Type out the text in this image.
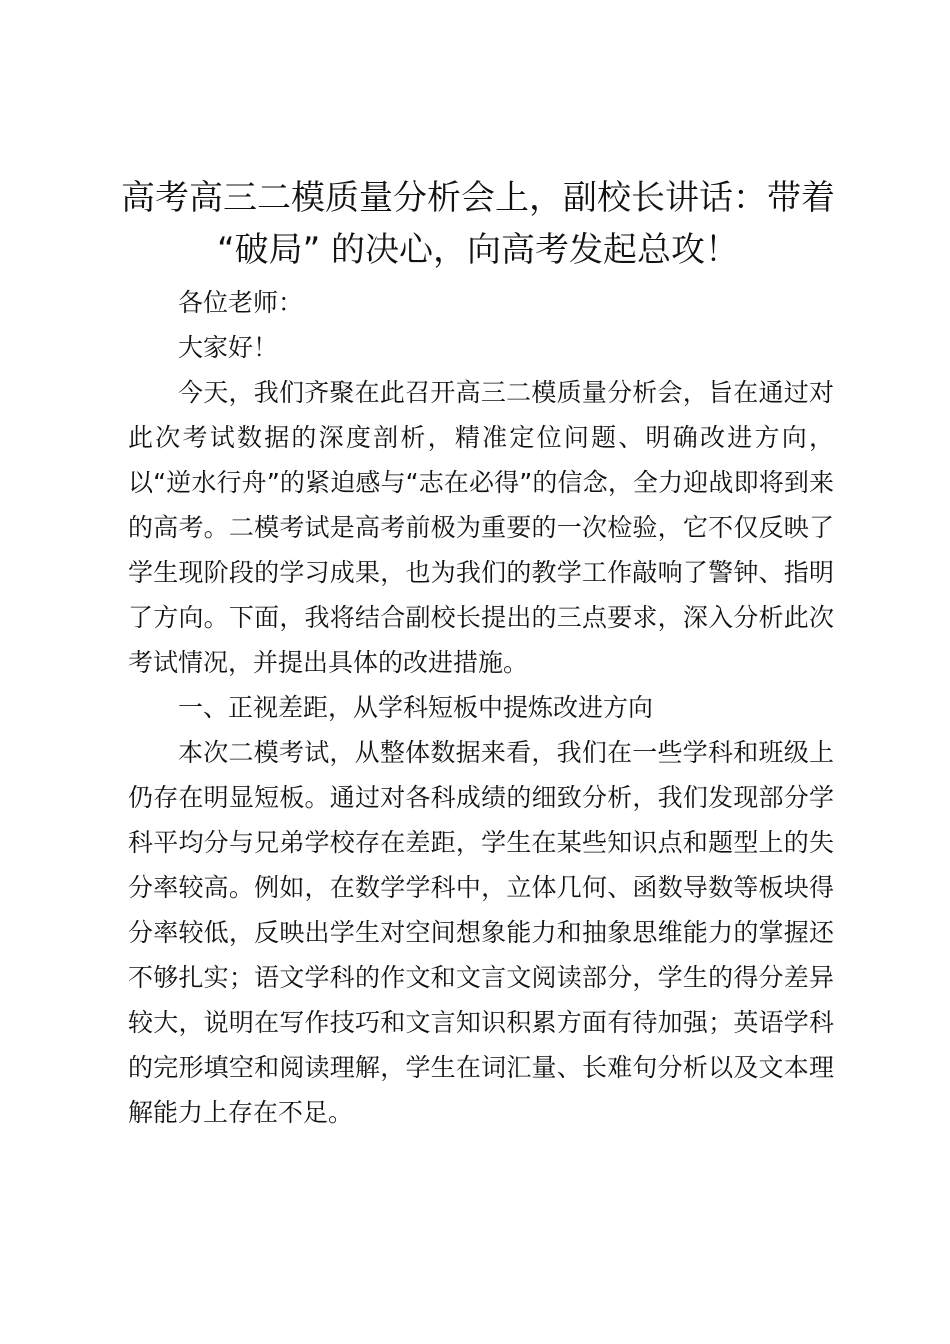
高考高三二模质量分析会上，副校长讲话：带着 “破局” 的决心，向高考发起总攻！

各位老师：

大家好！

今天，我们齐聚在此召开高三二模质量分析会，旨在通过对此次考试数据的深度剖析，精准定位问题、明确改进方向，以“逆水行舟”的紧迫感与“志在必得”的信念，全力迎战即将到来的高考。二模考试是高考前极为重要的一次检验，它不仅反映了学生现阶段的学习成果，也为我们的教学工作敲响了警钟、指明了方向。下面，我将结合副校长提出的三点要求，深入分析此次考试情况，并提出具体的改进措施。

一、正视差距，从学科短板中提炼改进方向

本次二模考试，从整体数据来看，我们在一些学科和班级上仍存在明显短板。通过对各科成绩的细致分析，我们发现部分学科平均分与兄弟学校存在差距，学生在某些知识点和题型上的失分率较高。例如，在数学学科中，立体几何、函数导数等板块得分率较低，反映出学生对空间想象能力和抽象思维能力的掌握还不够扎实；语文学科的作文和文言文阅读部分，学生的得分差异较大，说明在写作技巧和文言知识积累方面有待加强；英语学科的完形填空和阅读理解，学生在词汇量、长难句分析以及文本理解能力上存在不足。
